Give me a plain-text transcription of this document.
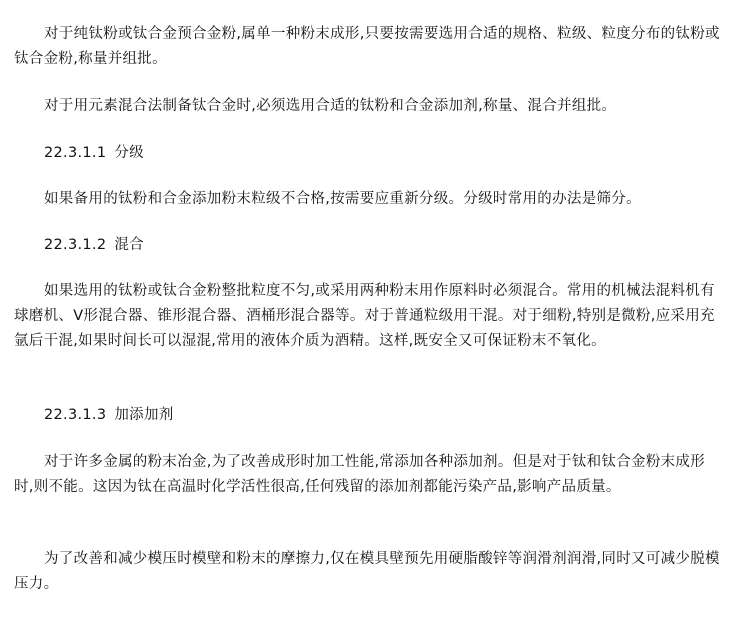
对于纯钛粉或钛合金预合金粉,属单一种粉末成形,只要按需要选用合适的规格、粒级、粒度分布的钛粉或钛合金粉,称量并组批。

对于用元素混合法制备钛合金时,必须选用合适的钛粉和合金添加剂,称量、混合并组批。

22.3.1.1 分级

如果备用的钛粉和合金添加粉末粒级不合格,按需要应重新分级。分级时常用的办法是筛分。

22.3.1.2 混合

如果选用的钛粉或钛合金粉整批粒度不匀,或采用两种粉末用作原料时必须混合。常用的机械法混料机有球磨机、V形混合器、锥形混合器、酒桶形混合器等。对于普通粒级用干混。对于细粉,特别是微粉,应采用充氩后干混,如果时间长可以湿混,常用的液体介质为酒精。这样,既安全又可保证粉末不氧化。

22.3.1.3 加添加剂

对于许多金属的粉末冶金,为了改善成形时加工性能,常添加各种添加剂。但是对于钛和钛合金粉末成形时,则不能。这因为钛在高温时化学活性很高,任何残留的添加剂都能污染产品,影响产品质量。

为了改善和减少模压时模壁和粉末的摩擦力,仅在模具壁预先用硬脂酸锌等润滑剂润滑,同时又可减少脱模压力。
